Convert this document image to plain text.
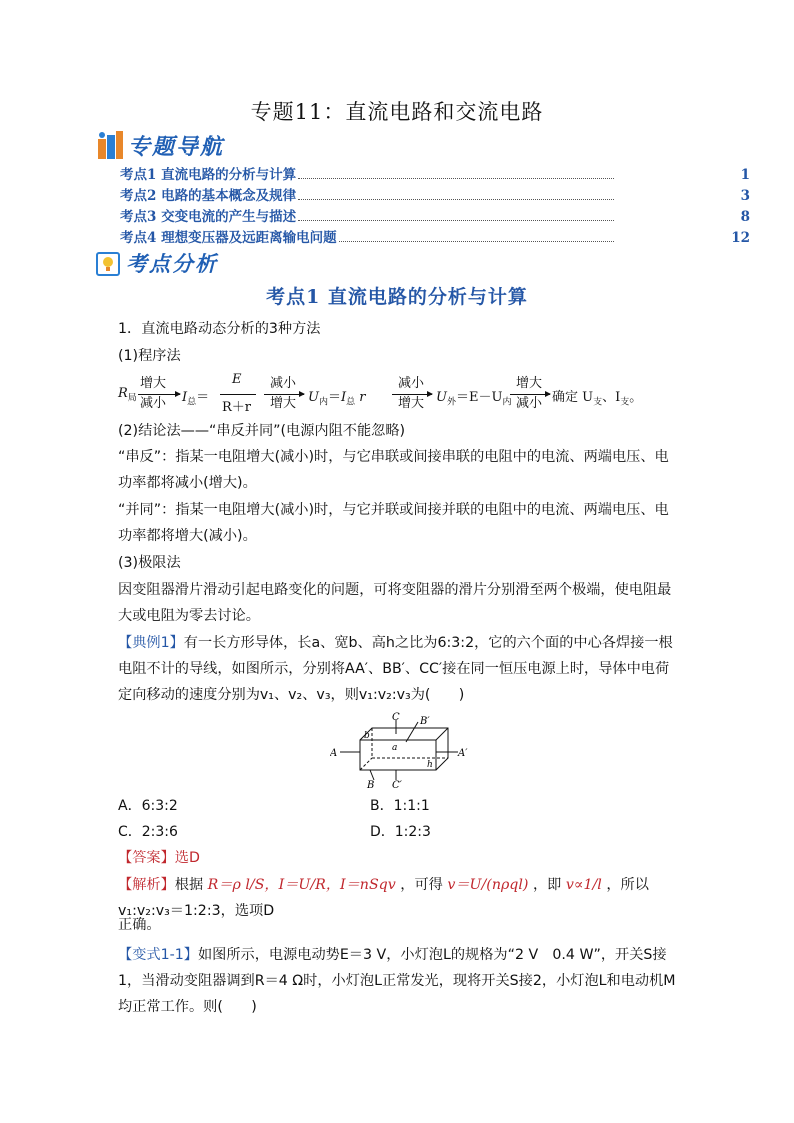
专题11：直流电路和交流电路
专题导航
考点1 直流电路的分析与计算	1
考点2 电路的基本概念及规律	3
考点3 交变电流的产生与描述	8
考点4 理想变压器及远距离输电问题	12
考点分析
考点1 直流电路的分析与计算
1．直流电路动态分析的3种方法
(1)程序法
$R_局$
增大
减小 $I_总=$
E
R＋r
减小
增大 $U_内=I_总$ r
减小
增大 $U_外=E-U_内$
增大
减小 确定 $U_支$、$I_支$。
(2)结论法——“串反并同”(电源内阻不能忽略)
“串反”：指某一电阻增大(减小)时，与它串联或间接串联的电阻中的电流、两端电压、电功率都将减小(增大)。
“并同”：指某一电阻增大(减小)时，与它并联或间接并联的电阻中的电流、两端电压、电功率都将增大(减小)。
(3)极限法
因变阻器滑片滑动引起电路变化的问题，可将变阻器的滑片分别滑至两个极端，使电阻最大或电阻为零去讨论。
【典例1】有一长方形导体，长a、宽b、高h之比为6:3:2，它的六个面的中心各焊接一根电阻不计的导线，如图所示，分别将AA′、BB′、CC′接在同一恒压电源上时，导体中电荷定向移动的速度分别为v₁、v₂、v₃，则v₁:v₂:v₃为(　　)
A	A′
B
B′
C
C′
a
b
h
A．6:3:2	B．1:1:1
C．2:3:6	D．1:2:3
【答案】选D
【解析】根据 R＝ρ l/S，I＝U/R，I＝nSqv ，可得 v＝U/(nρql) ，即 v∝1/l ，所以 v₁:v₂:v₃＝1:2:3，选项D
正确。
【变式1-1】如图所示，电源电动势E＝3 V，小灯泡L的规格为“2 V　0.4 W”，开关S接1，当滑动变阻器调到R＝4 Ω时，小灯泡L正常发光，现将开关S接2，小灯泡L和电动机M均正常工作。则(　　)
